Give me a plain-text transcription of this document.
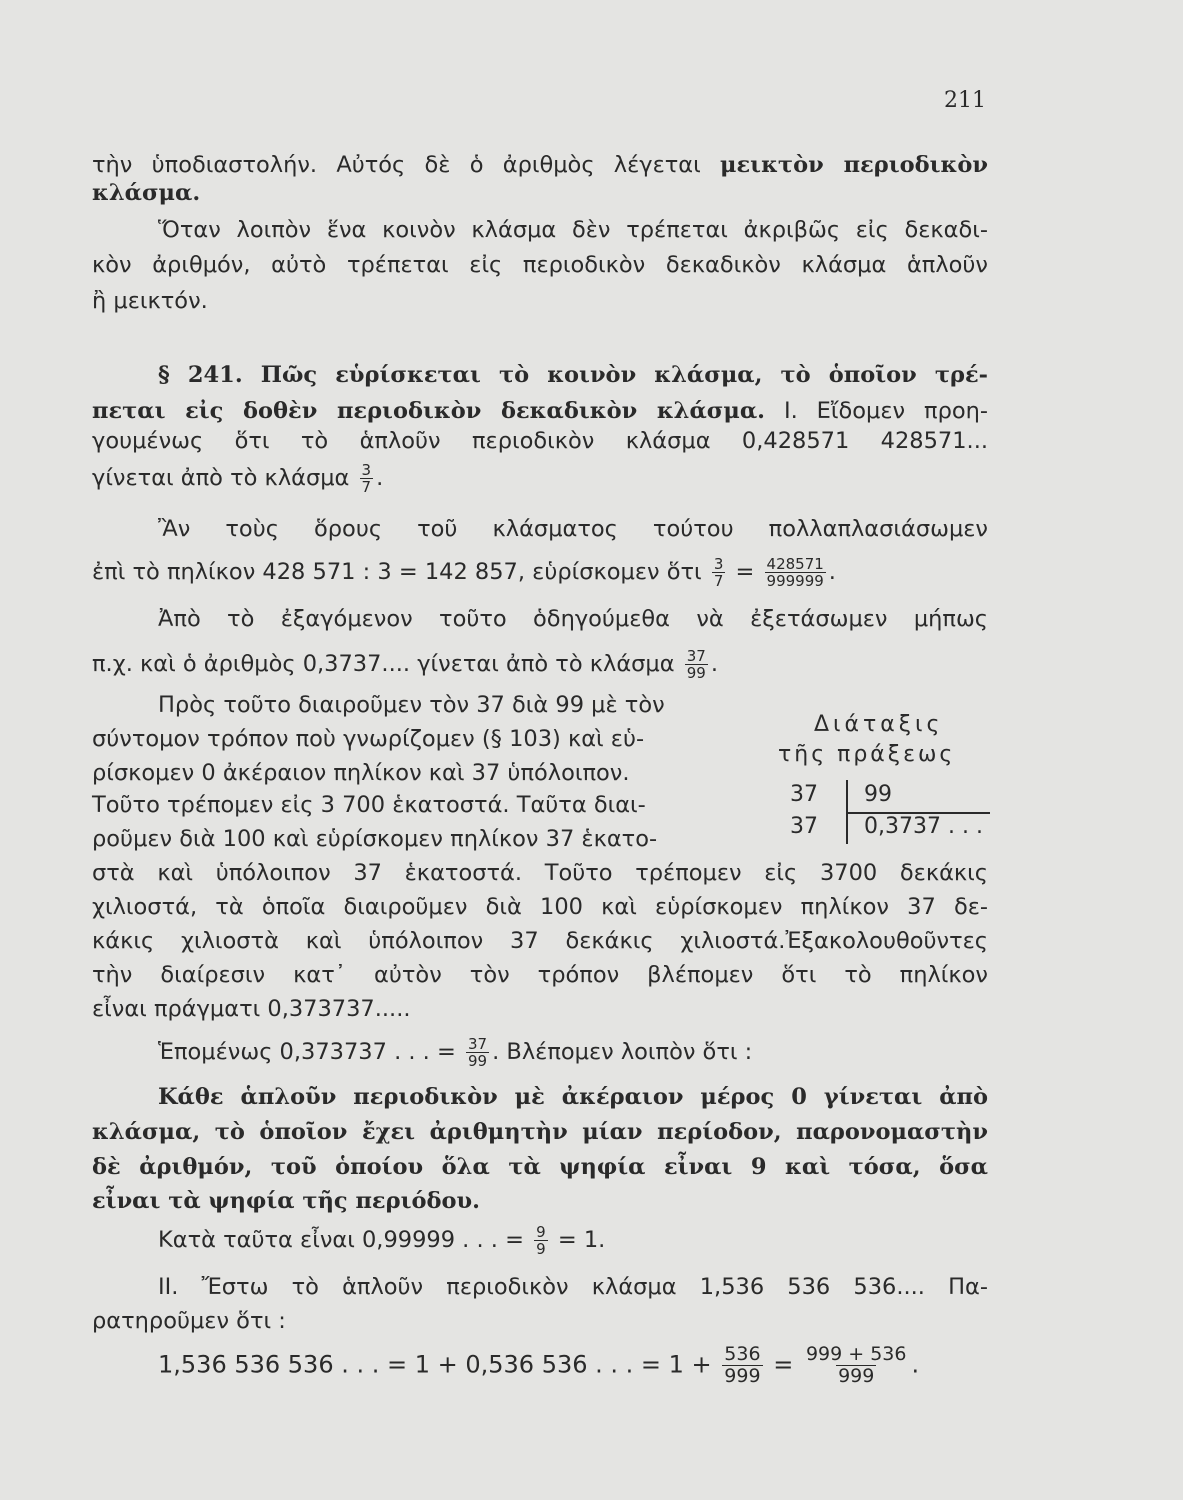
211
τὴν ὑποδιαστολήν. Αὐτός δὲ ὁ ἀριθμὸς λέγεται μεικτὸν περιοδικὸν
κλάσμα.
Ὅταν λοιπὸν ἕνα κοινὸν κλάσμα δὲν τρέπεται ἀκριβῶς εἰς δεκαδι-
κὸν ἀριθμόν, αὐτὸ τρέπεται εἰς περιοδικὸν δεκαδικὸν κλάσμα ἁπλοῦν
ἢ μεικτόν.
§ 241. Πῶς εὑρίσκεται τὸ κοινὸν κλάσμα, τὸ ὁποῖον τρέ-
πεται εἰς δοθὲν περιοδικὸν δεκαδικὸν κλάσμα. I. Εἴδομεν προη-
γουμένως ὅτι τὸ ἁπλοῦν περιοδικὸν κλάσμα 0,428571 428571...
γίνεται ἀπὸ τὸ κλάσμα $\frac{3}{7}$ .
Ἂν τοὺς ὅρους τοῦ κλάσματος τούτου πολλαπλασιάσωμεν
ἐπὶ τὸ πηλίκον 428 571 : 3 = 142 857, εὑρίσκομεν ὅτι $\frac{3}{7} = \frac{428571}{999999}$ .
Ἀπὸ τὸ ἐξαγόμενον τοῦτο ὁδηγούμεθα νὰ ἐξετάσωμεν μήπως
π.χ. καὶ ὁ ἀριθμὸς 0,3737.... γίνεται ἀπὸ τὸ κλάσμα $\frac{37}{99}$ .
Πρὸς τοῦτο διαιροῦμεν τὸν 37 διὰ 99 μὲ τὸν
σύντομον τρόπον ποὺ γνωρίζομεν (§ 103) καὶ εὑ-
ρίσκομεν 0 ἀκέραιον πηλίκον καὶ 37 ὑπόλοιπον.
Τοῦτο τρέπομεν εἰς 3 700 ἑκατοστά. Ταῦτα διαι-
ροῦμεν διὰ 100 καὶ εὑρίσκομεν πηλίκον 37 ἑκατο-
Διάταξις
τῆς πράξεως
37 99
37 0,3737 . . .
στὰ καὶ ὑπόλοιπον 37 ἑκατοστά. Τοῦτο τρέπομεν εἰς 3700 δεκάκις
χιλιοστά, τὰ ὁποῖα διαιροῦμεν διὰ 100 καὶ εὑρίσκομεν πηλίκον 37 δε-
κάκις χιλιοστὰ καὶ ὑπόλοιπον 37 δεκάκις χιλιοστά.Ἐξακολουθοῦντες
τὴν διαίρεσιν κατ᾽ αὐτὸν τὸν τρόπον βλέπομεν ὅτι τὸ πηλίκον
εἶναι πράγματι 0,373737.....
Ἑπομένως 0,373737 . . . = $\frac{37}{99}$ . Βλέπομεν λοιπὸν ὅτι :
Κάθε ἁπλοῦν περιοδικὸν μὲ ἀκέραιον μέρος 0 γίνεται ἀπὸ
κλάσμα, τὸ ὁποῖον ἔχει ἀριθμητὴν μίαν περίοδον, παρονομαστὴν
δὲ ἀριθμόν, τοῦ ὁποίου ὅλα τὰ ψηφία εἶναι 9 καὶ τόσα, ὅσα
εἶναι τὰ ψηφία τῆς περιόδου.
Κατὰ ταῦτα εἶναι 0,99999 . . . = $\frac{9}{9} = 1$.
II. Ἔστω τὸ ἁπλοῦν περιοδικὸν κλάσμα 1,536 536 536.... Πα-
ρατηροῦμεν ὅτι :
1,536 536 536 . . . = 1 + 0,536 536 . . . = $1 + \frac{536}{999} = \frac{999 + 536}{999}$ .
